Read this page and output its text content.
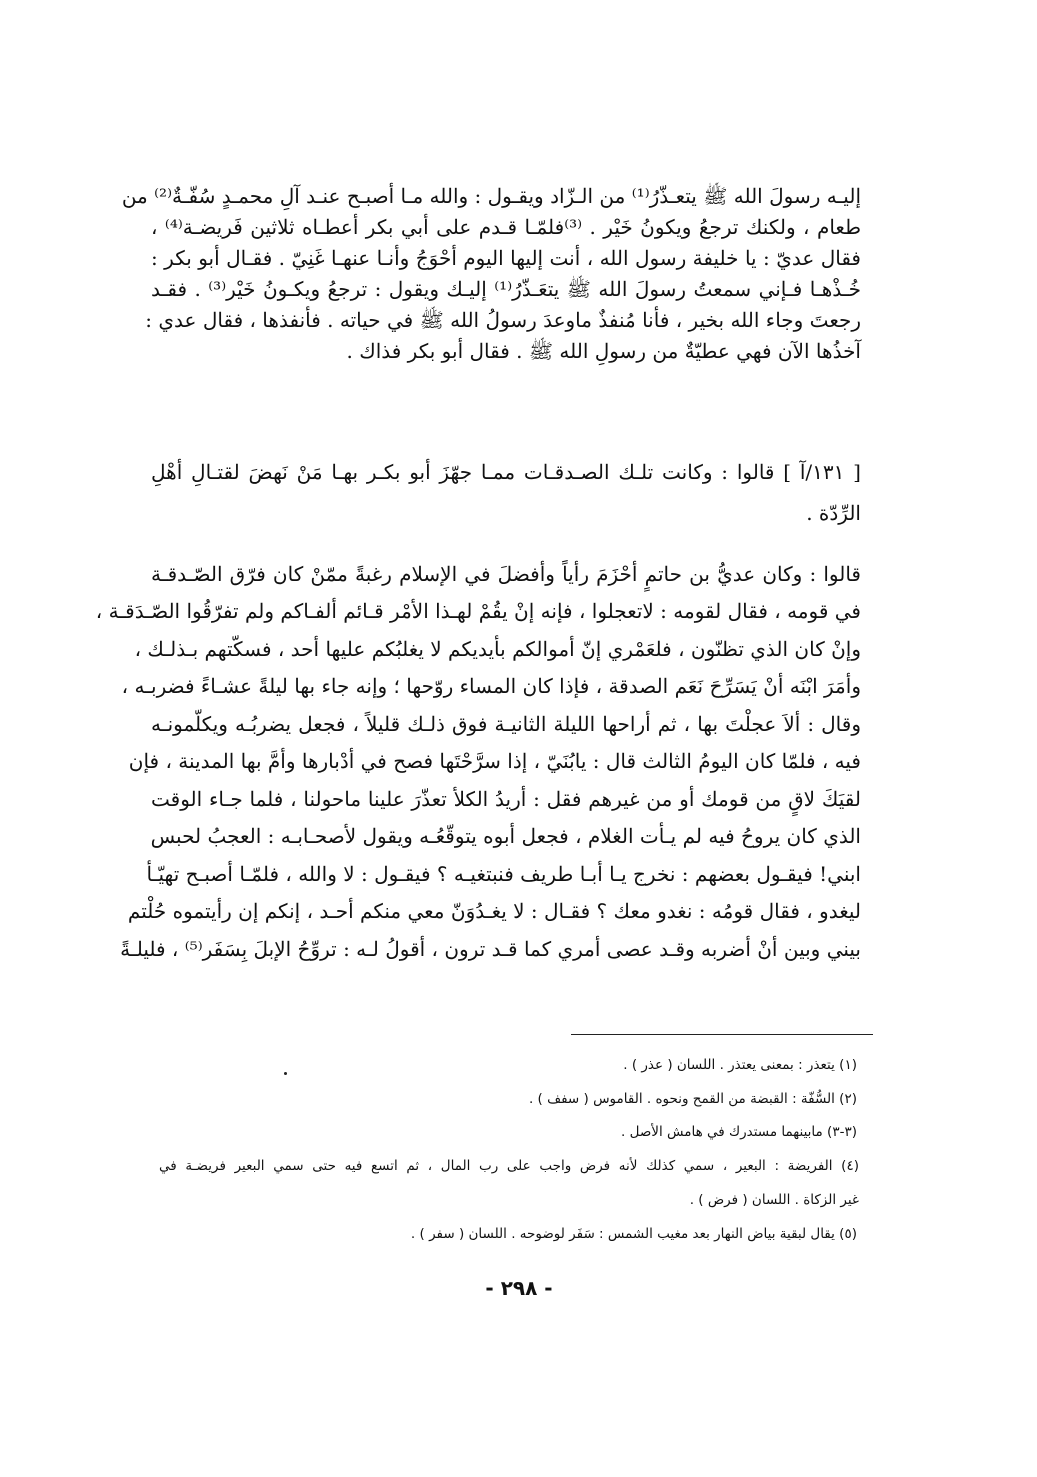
إليـه رسولَ الله ﷺ يتعـذّرُ⁽¹⁾ من الـزّاد ويقـول : والله مـا أصبـح عنـد آلِ محمـدٍ سُفّـةٌ⁽²⁾ من
طعام ، ولكنك ترجعُ ويكونُ خَيْر . ⁽³⁾فلمّـا قـدم على أبي بكر أعطـاه ثلاثين فَريضـة⁽⁴⁾ ،
فقال عديّ : يا خليفة رسول الله ، أنت إليها اليوم أحْوَجُ وأنـا عنهـا غَنِيّ . فقـال أبو بكر :
خُـذْهـا فـإني سمعتُ رسولَ الله ﷺ يتعَـذّرُ⁽¹⁾ إليـك ويقول : ترجعُ ويكـونُ خَيْر⁽³⁾ . فقـد
رجعتَ وجاء الله بخير ، فأنا مُنفذٌ ماوعدَ رسولُ الله ﷺ في حياته . فأنفذها ، فقال عدي :
آخذُها الآن فهي عطيّةٌ من رسولِ الله ﷺ . فقال أبو بكر فذاك .
[ ١٣١/آ ] قالوا : وكانت تلـك الصـدقـات ممـا جهّزَ أبو بكـر بهـا مَنْ نَهضَ لقتـالِ أهْلِ
الرِّدّة .
قالوا : وكان عديُّ بن حاتمٍ أحْزَمَ رأياً وأفضلَ في الإسلام رغبةً ممّنْ كان فرّق الصّـدقـة
في قومه ، فقال لقومه : لاتعجلوا ، فإنه إنْ يقُمْ لهـذا الأمْر قـائم ألفـاكم ولم تفرّقُوا الصّـدَقـة ،
وإنْ كان الذي تظنّون ، فلعَمْري إنّ أموالكم بأيديكم لا يغلبُكم عليها أحد ، فسكّتهم بـذلـك ،
وأمَرَ ابْنَه أنْ يَسَرِّحَ نَعَم الصدقة ، فإذا كان المساء روّحها ؛ وإنه جاء بها ليلةً عشـاءً فضربـه ،
وقال : ألاَ عجلْتَ بها ، ثم أراحها الليلة الثانيـة فوق ذلـك قليلاً ، فجعل يضربُـه ويكلّمونـه
فيه ، فلمّا كان اليومُ الثالث قال : يابُنَيّ ، إذا سرَّحْتَها فصح في أدْبارها وأمَّ بها المدينة ، فإن
لقيَكَ لاقٍ من قومك أو من غيرهم فقل : أريدُ الكلأ تعذّرَ علينا ماحولنا ، فلما جـاء الوقت
الذي كان يروحُ فيه لم يـأت الغلام ، فجعل أبوه يتوقّعُـه ويقول لأصحـابـه : العجبُ لحبس
ابني! فيقـول بعضهم : نخرج يـا أبـا طريف فنبتغيـه ؟ فيقـول : لا والله ، فلمّـا أصبـح تهيّـأ
ليغدو ، فقال قومُه : نغدو معك ؟ فقـال : لا يغـدُوَنّ معي منكم أحـد ، إنكم إن رأيتموه حُلْتم
بيني وبين أنْ أضربه وقـد عصى أمري كما قـد ترون ، أقولُ لـه : تروِّحُ الإبلَ بِسَفَر⁽⁵⁾ ، فليلـةً
(١) يتعذر : بمعنى يعتذر . اللسان ( عذر ) .
(٢) السُّفّة : القبضة من القمح ونحوه . القاموس ( سفف ) .
(٣-٣) مابينهما مستدرك في هامش الأصل .
(٤) الفريضة : البعير ، سمي كذلك لأنه فرض واجب على رب المال ، ثم اتسع فيه حتى سمي البعير فريضـة في
غير الزكاة . اللسان ( فرض ) .
(٥) يقال لبقية بياض النهار بعد مغيب الشمس : سَفَر لوضوحه . اللسان ( سفر ) .
- ٢٩٨ -
